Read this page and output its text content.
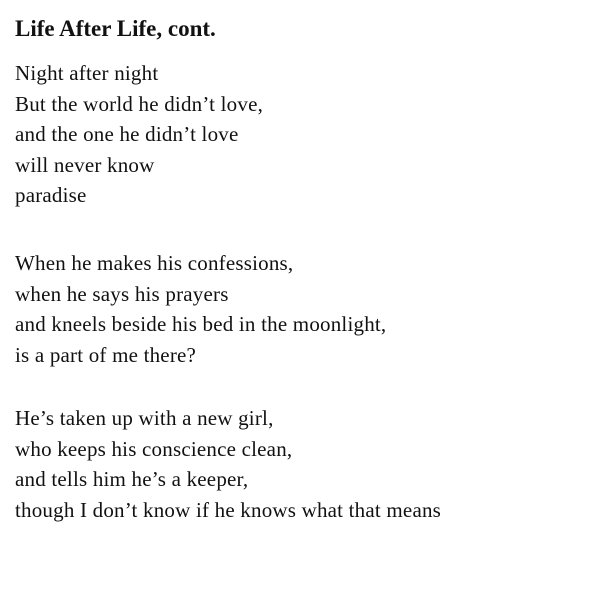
Life After Life, cont.

Night after night
But the world he didn’t love,
and the one he didn’t love
will never know
paradise

When he makes his confessions,
when he says his prayers
and kneels beside his bed in the moonlight,
is a part of me there?

He’s taken up with a new girl,
who keeps his conscience clean,
and tells him he’s a keeper,
though I don’t know if he knows what that means
